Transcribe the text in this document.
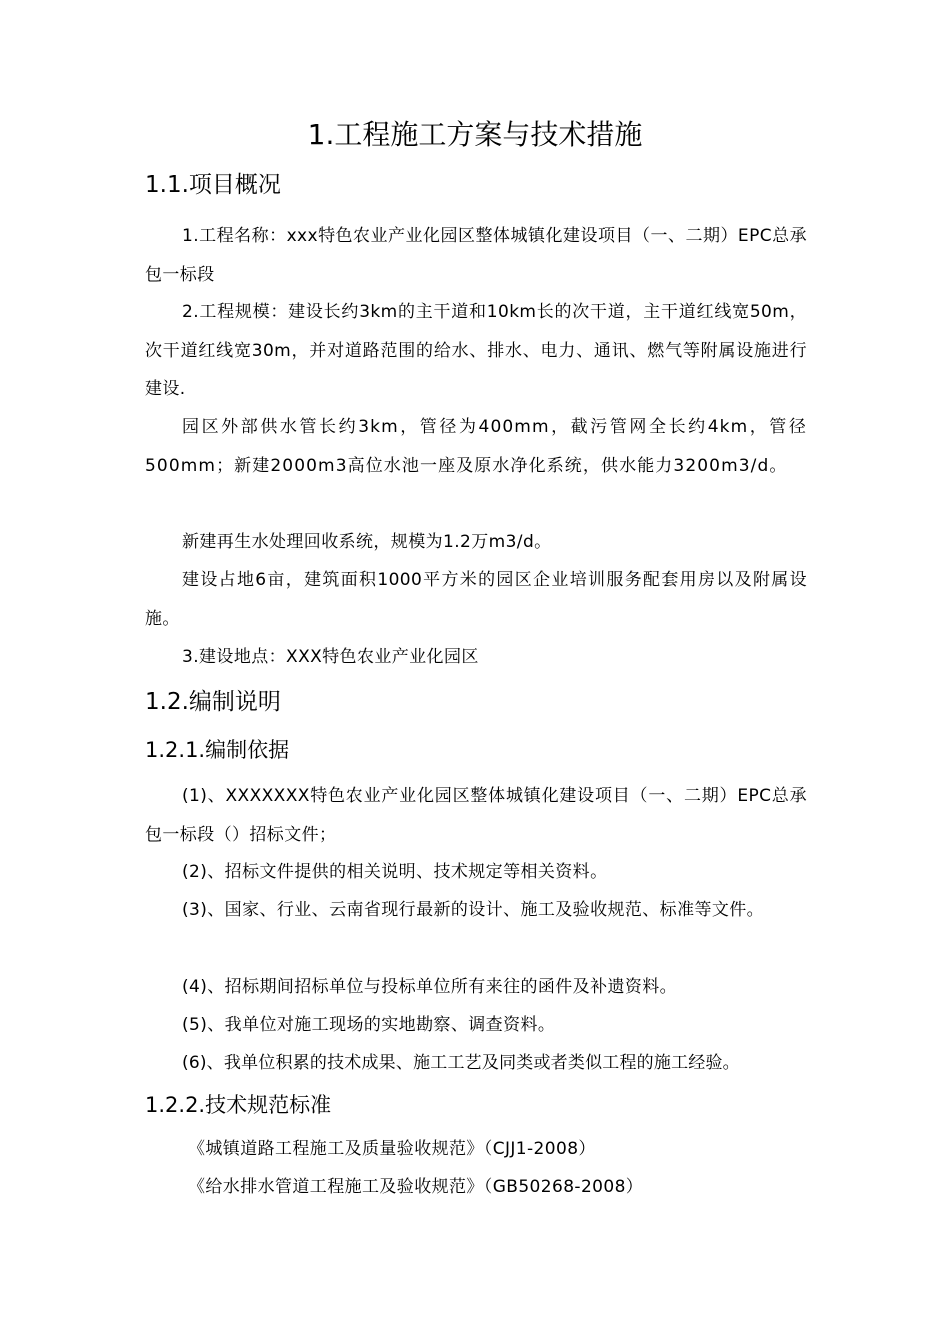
1.工程施工方案与技术措施
1.1.项目概况

1.工程名称：xxx特色农业产业化园区整体城镇化建设项目（一、二期）EPC总承包一标段

2.工程规模：建设长约3km的主干道和10km长的次干道，主干道红线宽50m，次干道红线宽30m，并对道路范围的给水、排水、电力、通讯、燃气等附属设施进行建设.

园区外部供水管长约3km，管径为400mm，截污管网全长约4km，管径500mm；新建2000m3高位水池一座及原水净化系统，供水能力3200m3/d。

新建再生水处理回收系统，规模为1.2万m3/d。

建设占地6亩，建筑面积1000平方米的园区企业培训服务配套用房以及附属设施。

3.建设地点：XXX特色农业产业化园区

1.2.编制说明
1.2.1.编制依据

(1)、XXXXXXX特色农业产业化园区整体城镇化建设项目（一、二期）EPC总承包一标段（）招标文件；

(2)、招标文件提供的相关说明、技术规定等相关资料。

(3)、国家、行业、云南省现行最新的设计、施工及验收规范、标准等文件。

(4)、招标期间招标单位与投标单位所有来往的函件及补遗资料。

(5)、我单位对施工现场的实地勘察、调查资料。

(6)、我单位积累的技术成果、施工工艺及同类或者类似工程的施工经验。

1.2.2.技术规范标准

《城镇道路工程施工及质量验收规范》（CJJ1-2008）

《给水排水管道工程施工及验收规范》（GB50268-2008）
